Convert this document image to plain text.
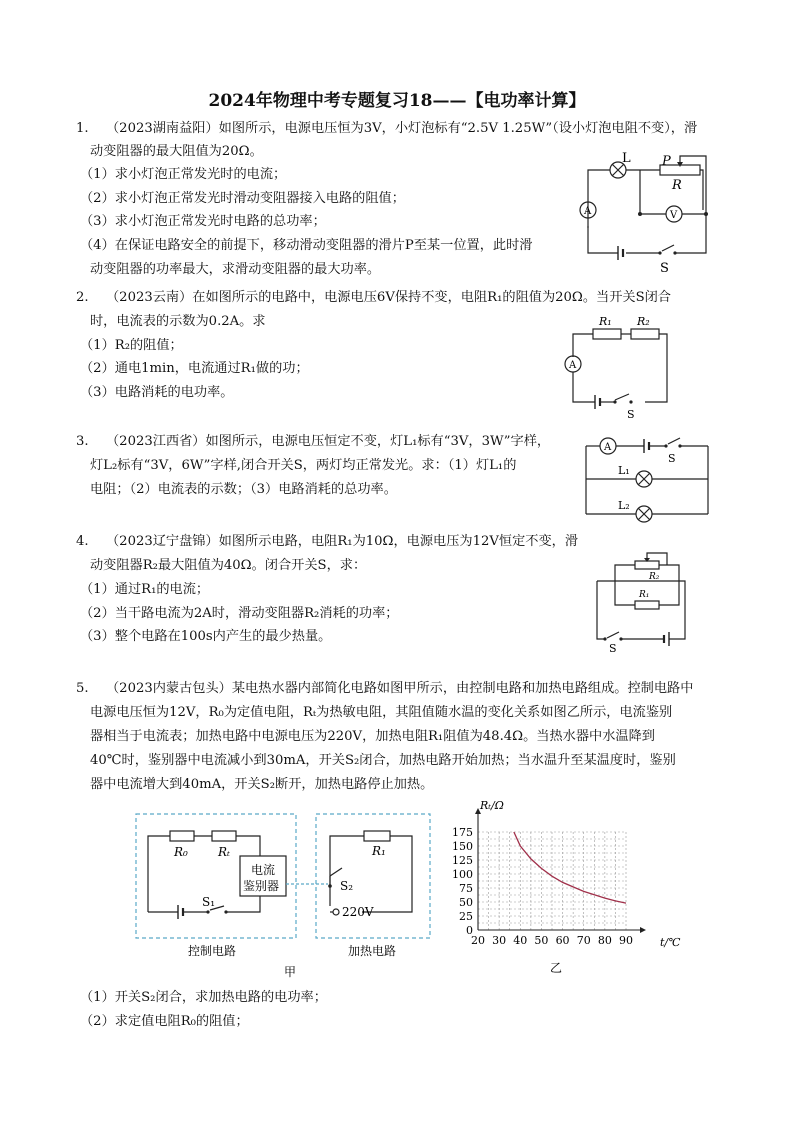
2024年物理中考专题复习18——【电功率计算】
1. （2023湖南益阳）如图所示，电源电压恒为3V，小灯泡标有“2.5V 1.25W”（设小灯泡电阻不变），滑
动变阻器的最大阻值为20Ω。
（1）求小灯泡正常发光时的电流；
（2）求小灯泡正常发光时滑动变阻器接入电路的阻值；
（3）求小灯泡正常发光时电路的总功率；
（4）在保证电路安全的前提下，移动滑动变阻器的滑片P至某一位置，此时滑
动变阻器的功率最大，求滑动变阻器的最大功率。
L P
R
A	V
S
2. （2023云南）在如图所示的电路中，电源电压6V保持不变，电阻R₁的阻值为20Ω。当开关S闭合
时，电流表的示数为0.2A。求
（1）R₂的阻值；
（2）通电1min，电流通过R₁做的功；
（3）电路消耗的电功率。
R₁ R₂
A
S
3. （2023江西省）如图所示，电源电压恒定不变，灯L₁标有“3V，3W”字样，
灯L₂标有“3V，6W”字样,闭合开关S，两灯均正常发光。求：（1）灯L₁的
电阻；（2）电流表的示数；（3）电路消耗的总功率。
A
S
L₁
L₂
4. （2023辽宁盘锦）如图所示电路，电阻R₁为10Ω，电源电压为12V恒定不变，滑
动变阻器R₂最大阻值为40Ω。闭合开关S，求：
（1）通过R₁的电流；
（2）当干路电流为2A时，滑动变阻器R₂消耗的功率；
（3）整个电路在100s内产生的最少热量。
R₂
R₁
S
5. （2023内蒙古包头）某电热水器内部简化电路如图甲所示，由控制电路和加热电路组成。控制电路中
电源电压恒为12V，R₀为定值电阻，Rₜ为热敏电阻，其阻值随水温的变化关系如图乙所示，电流鉴别
器相当于电流表；加热电路中电源电压为220V，加热电阻R₁阻值为48.4Ω。当热水器中水温降到
40℃时，鉴别器中电流减小到30mA，开关S₂闭合，加热电路开始加热；当水温升至某温度时，鉴别
器中电流增大到40mA，开关S₂断开，加热电路停止加热。
R₀	Rₜ
电流
鉴别器
S₁
R₁
S₂
220V
控制电路	加热电路
甲
20 30 40 50 60 70 80 90
0
25
50
75
100
125
150
175
Rₜ/Ω
t/℃
乙
（1）开关S₂闭合，求加热电路的电功率；
（2）求定值电阻R₀的阻值；
